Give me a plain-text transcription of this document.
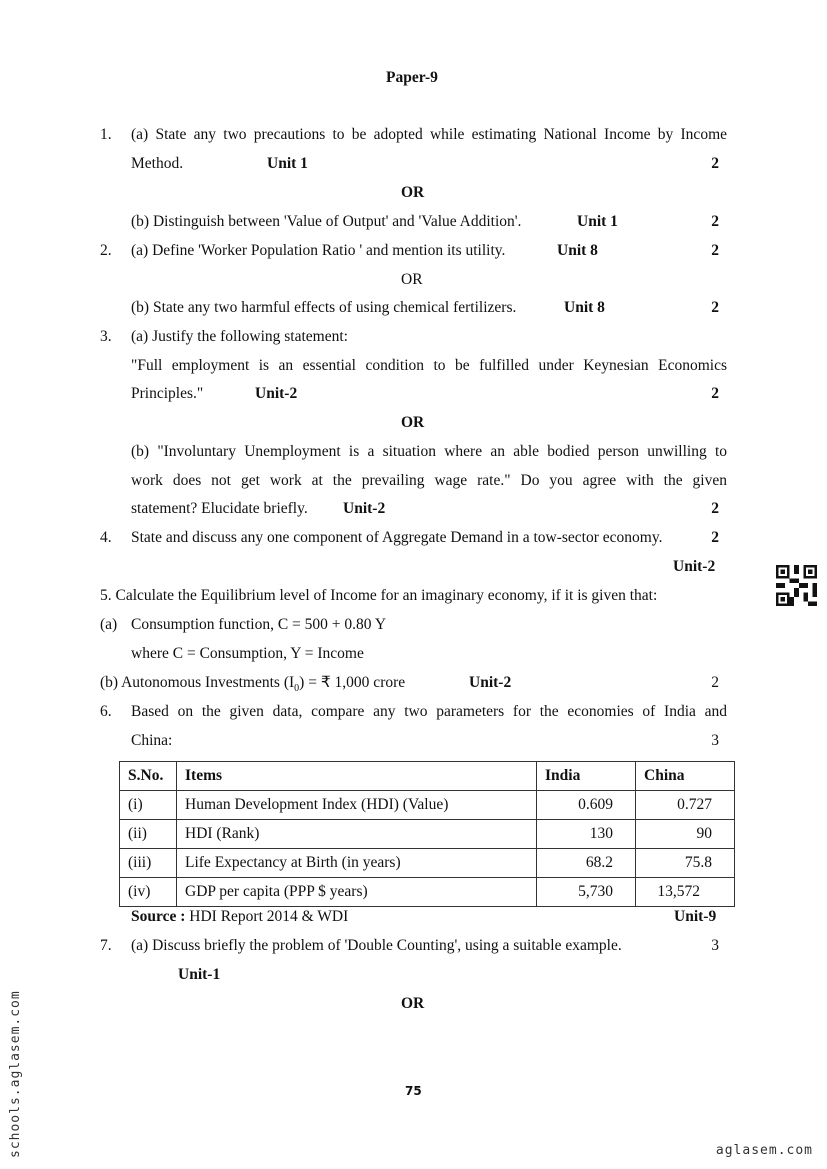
Paper-9
1. (a) State any two precautions to be adopted while estimating National Income by Income
Method.	Unit 1	2
OR
(b) Distinguish between 'Value of Output' and 'Value Addition'.	Unit 1	2
2. (a) Define 'Worker Population Ratio ' and mention its utility.	Unit 8	2
OR
(b) State any two harmful effects of using chemical fertilizers.	Unit 8	2
3. (a) Justify the following statement:
"Full employment is an essential condition to be fulfilled under Keynesian Economics
Principles."	Unit-2	2
OR
(b) "Involuntary Unemployment is a situation where an able bodied person unwilling to
work does not get work at the prevailing wage rate." Do you agree with the given
statement? Elucidate briefly. Unit-2	2
4. State and discuss any one component of Aggregate Demand in a tow-sector economy.	2
Unit-2
5. Calculate the Equilibrium level of Income for an imaginary economy, if it is given that:
(a) Consumption function, C = 500 + 0.80 Y
where C = Consumption, Y = Income
(b) Autonomous Investments $(I_0)$ = ₹ 1,000 crore	Unit-2	2
6. Based on the given data, compare any two parameters for the economies of India and
China:	3
S.No.	Items	India	China
(i)	Human Development Index (HDI) (Value)	0.609	0.727
(ii)	HDI (Rank)	130	90
(iii)	Life Expectancy at Birth (in years)	68.2	75.8
(iv)	GDP per capita (PPP $ years)	5,730	13,572
Source : HDI Report 2014 & WDI	Unit-9
7. (a) Discuss briefly the problem of 'Double Counting', using a suitable example.	3
Unit-1
OR
75
schools.aglasem.com	aglasem.com
